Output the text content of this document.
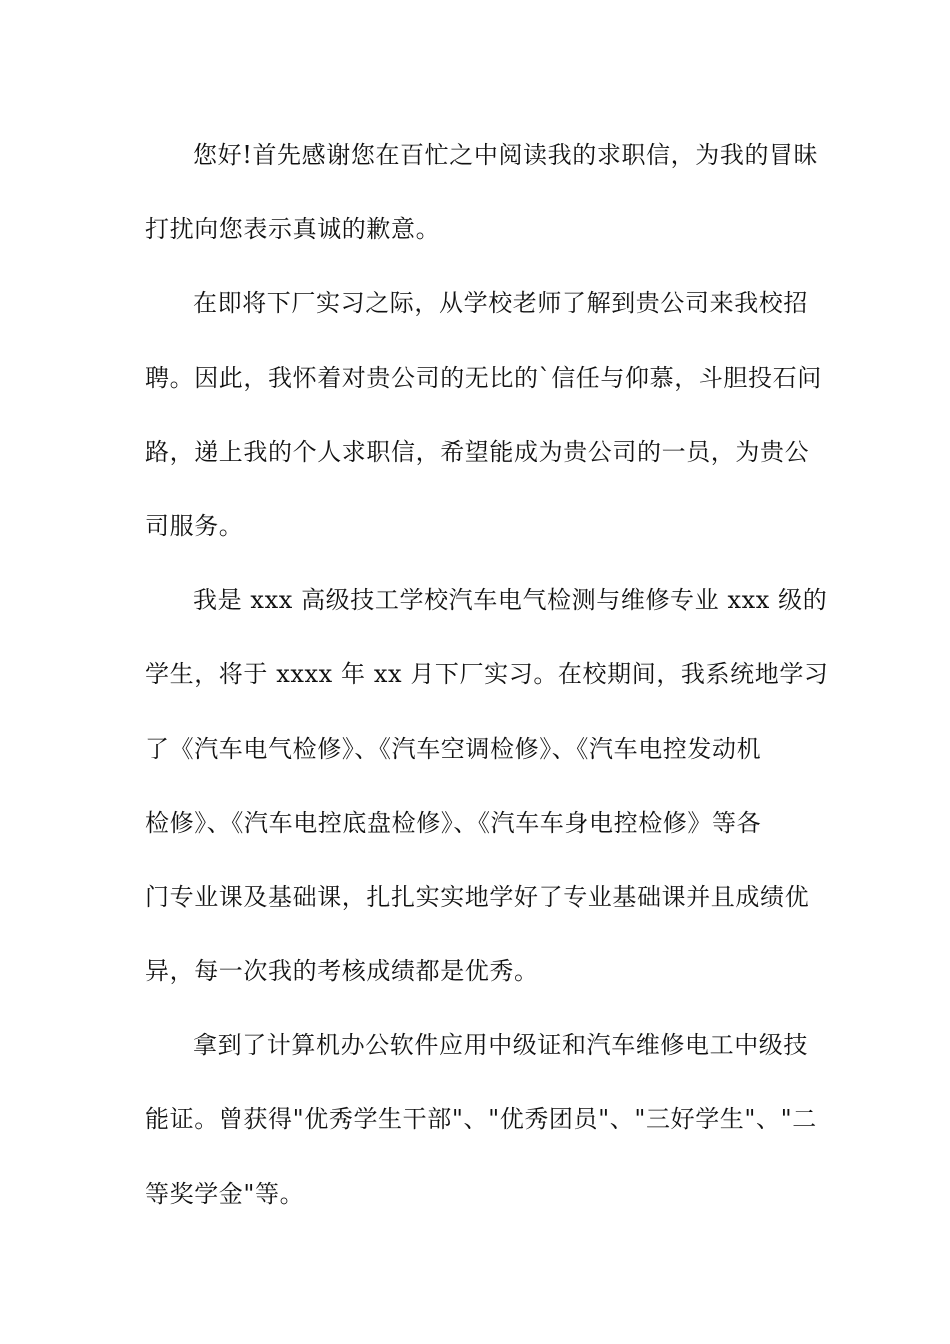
您好!首先感谢您在百忙之中阅读我的求职信，为我的冒昧
打扰向您表示真诚的歉意。
在即将下厂实习之际，从学校老师了解到贵公司来我校招
聘。因此，我怀着对贵公司的无比的`信任与仰慕，斗胆投石问
路，递上我的个人求职信，希望能成为贵公司的一员，为贵公
司服务。
我是 xxx 高级技工学校汽车电气检测与维修专业 xxx 级的
学生，将于 xxxx 年 xx 月下厂实习。在校期间，我系统地学习
了《汽车电气检修》、《汽车空调检修》、《汽车电控发动机
检修》、《汽车电控底盘检修》、《汽车车身电控检修》等各
门专业课及基础课，扎扎实实地学好了专业基础课并且成绩优
异，每一次我的考核成绩都是优秀。
拿到了计算机办公软件应用中级证和汽车维修电工中级技
能证。曾获得"优秀学生干部"、"优秀团员"、"三好学生"、"二
等奖学金"等。
